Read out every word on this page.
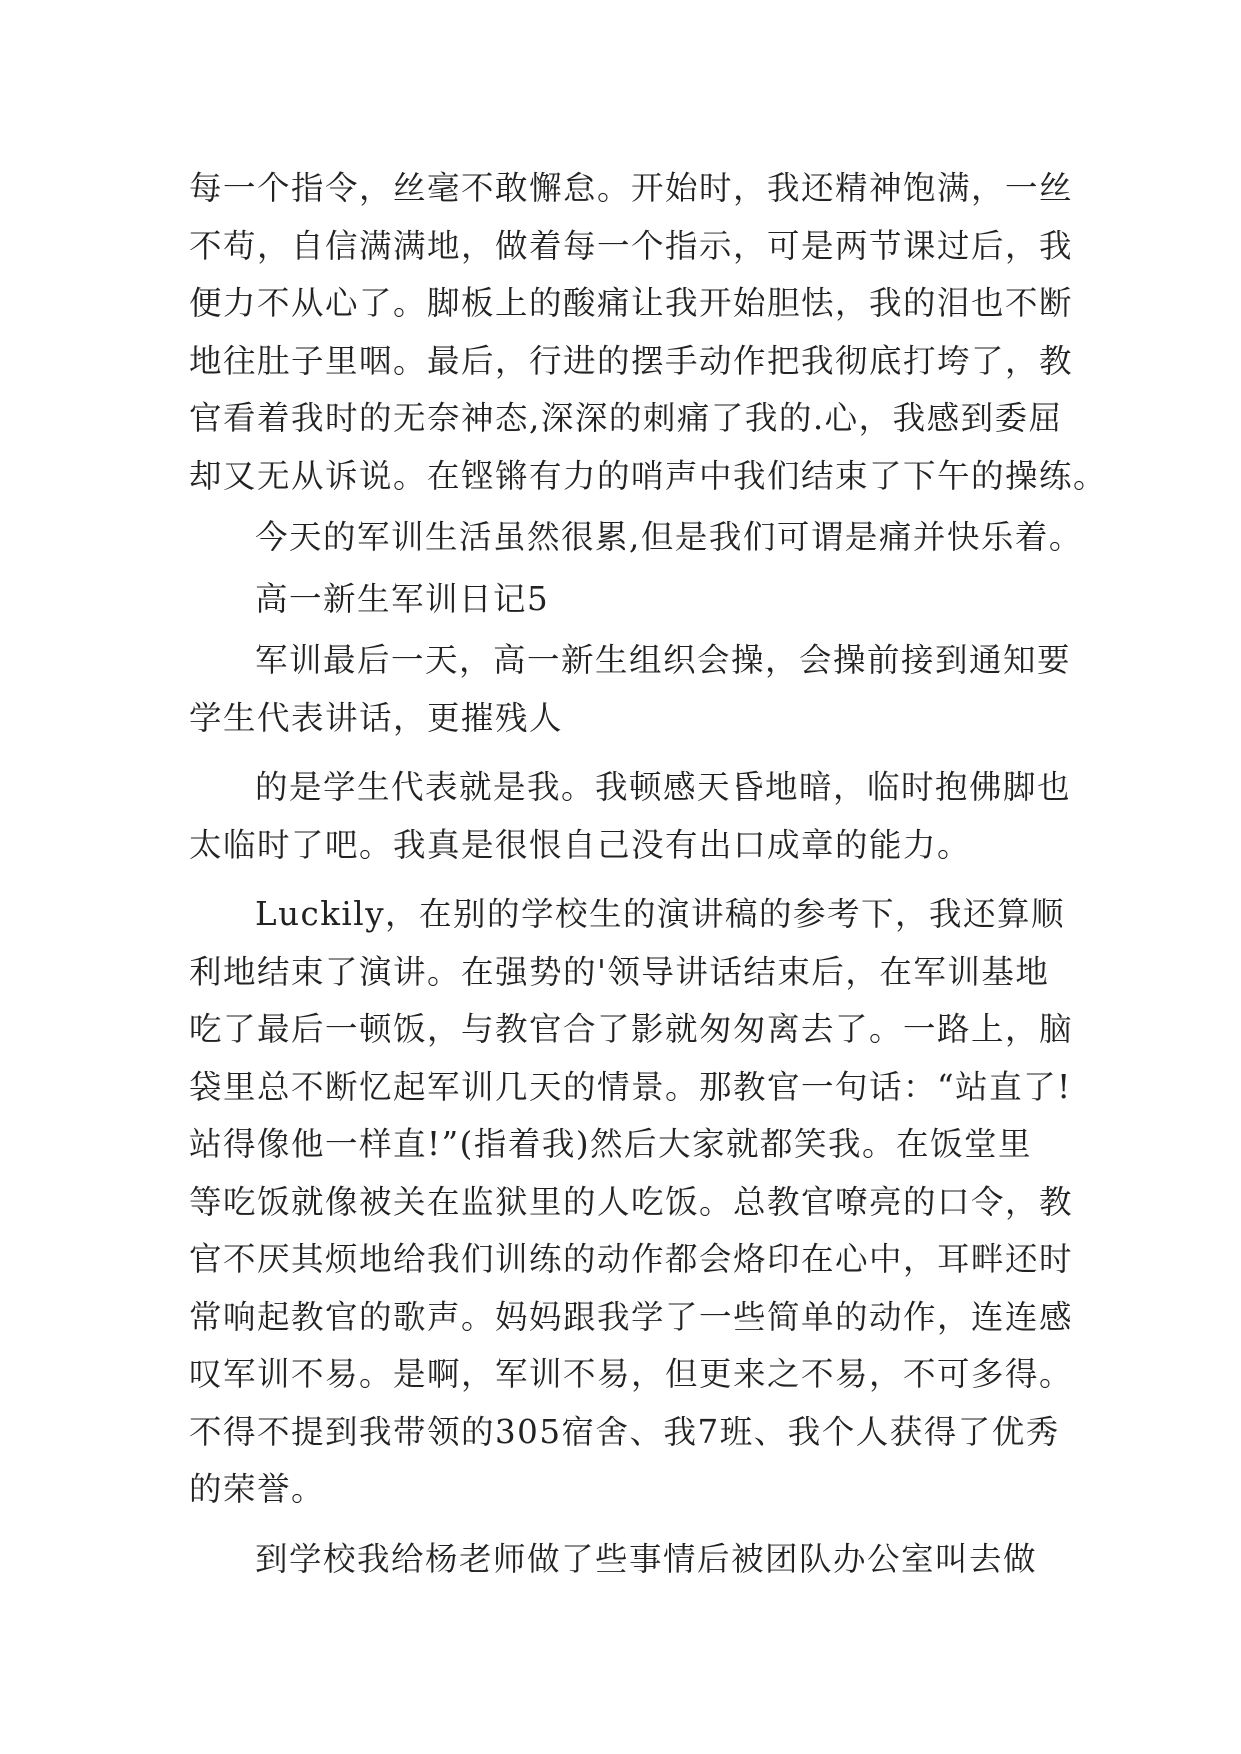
每一个指令，丝毫不敢懈怠。开始时，我还精神饱满，一丝
不苟，自信满满地，做着每一个指示，可是两节课过后，我
便力不从心了。脚板上的酸痛让我开始胆怯，我的泪也不断
地往肚子里咽。最后，行进的摆手动作把我彻底打垮了，教
官看着我时的无奈神态,深深的刺痛了我的.心，我感到委屈
却又无从诉说。在铿锵有力的哨声中我们结束了下午的操练。
今天的军训生活虽然很累,但是我们可谓是痛并快乐着。
高一新生军训日记5
军训最后一天，高一新生组织会操，会操前接到通知要
学生代表讲话，更摧残人
的是学生代表就是我。我顿感天昏地暗，临时抱佛脚也
太临时了吧。我真是很恨自己没有出口成章的能力。
Luckily，在别的学校生的演讲稿的参考下，我还算顺
利地结束了演讲。在强势的'领导讲话结束后，在军训基地
吃了最后一顿饭，与教官合了影就匆匆离去了。一路上，脑
袋里总不断忆起军训几天的情景。那教官一句话：“站直了!
站得像他一样直!”(指着我)然后大家就都笑我。在饭堂里
等吃饭就像被关在监狱里的人吃饭。总教官嘹亮的口令，教
官不厌其烦地给我们训练的动作都会烙印在心中，耳畔还时
常响起教官的歌声。妈妈跟我学了一些简单的动作，连连感
叹军训不易。是啊，军训不易，但更来之不易，不可多得。
不得不提到我带领的305宿舍、我7班、我个人获得了优秀
的荣誉。
到学校我给杨老师做了些事情后被团队办公室叫去做
